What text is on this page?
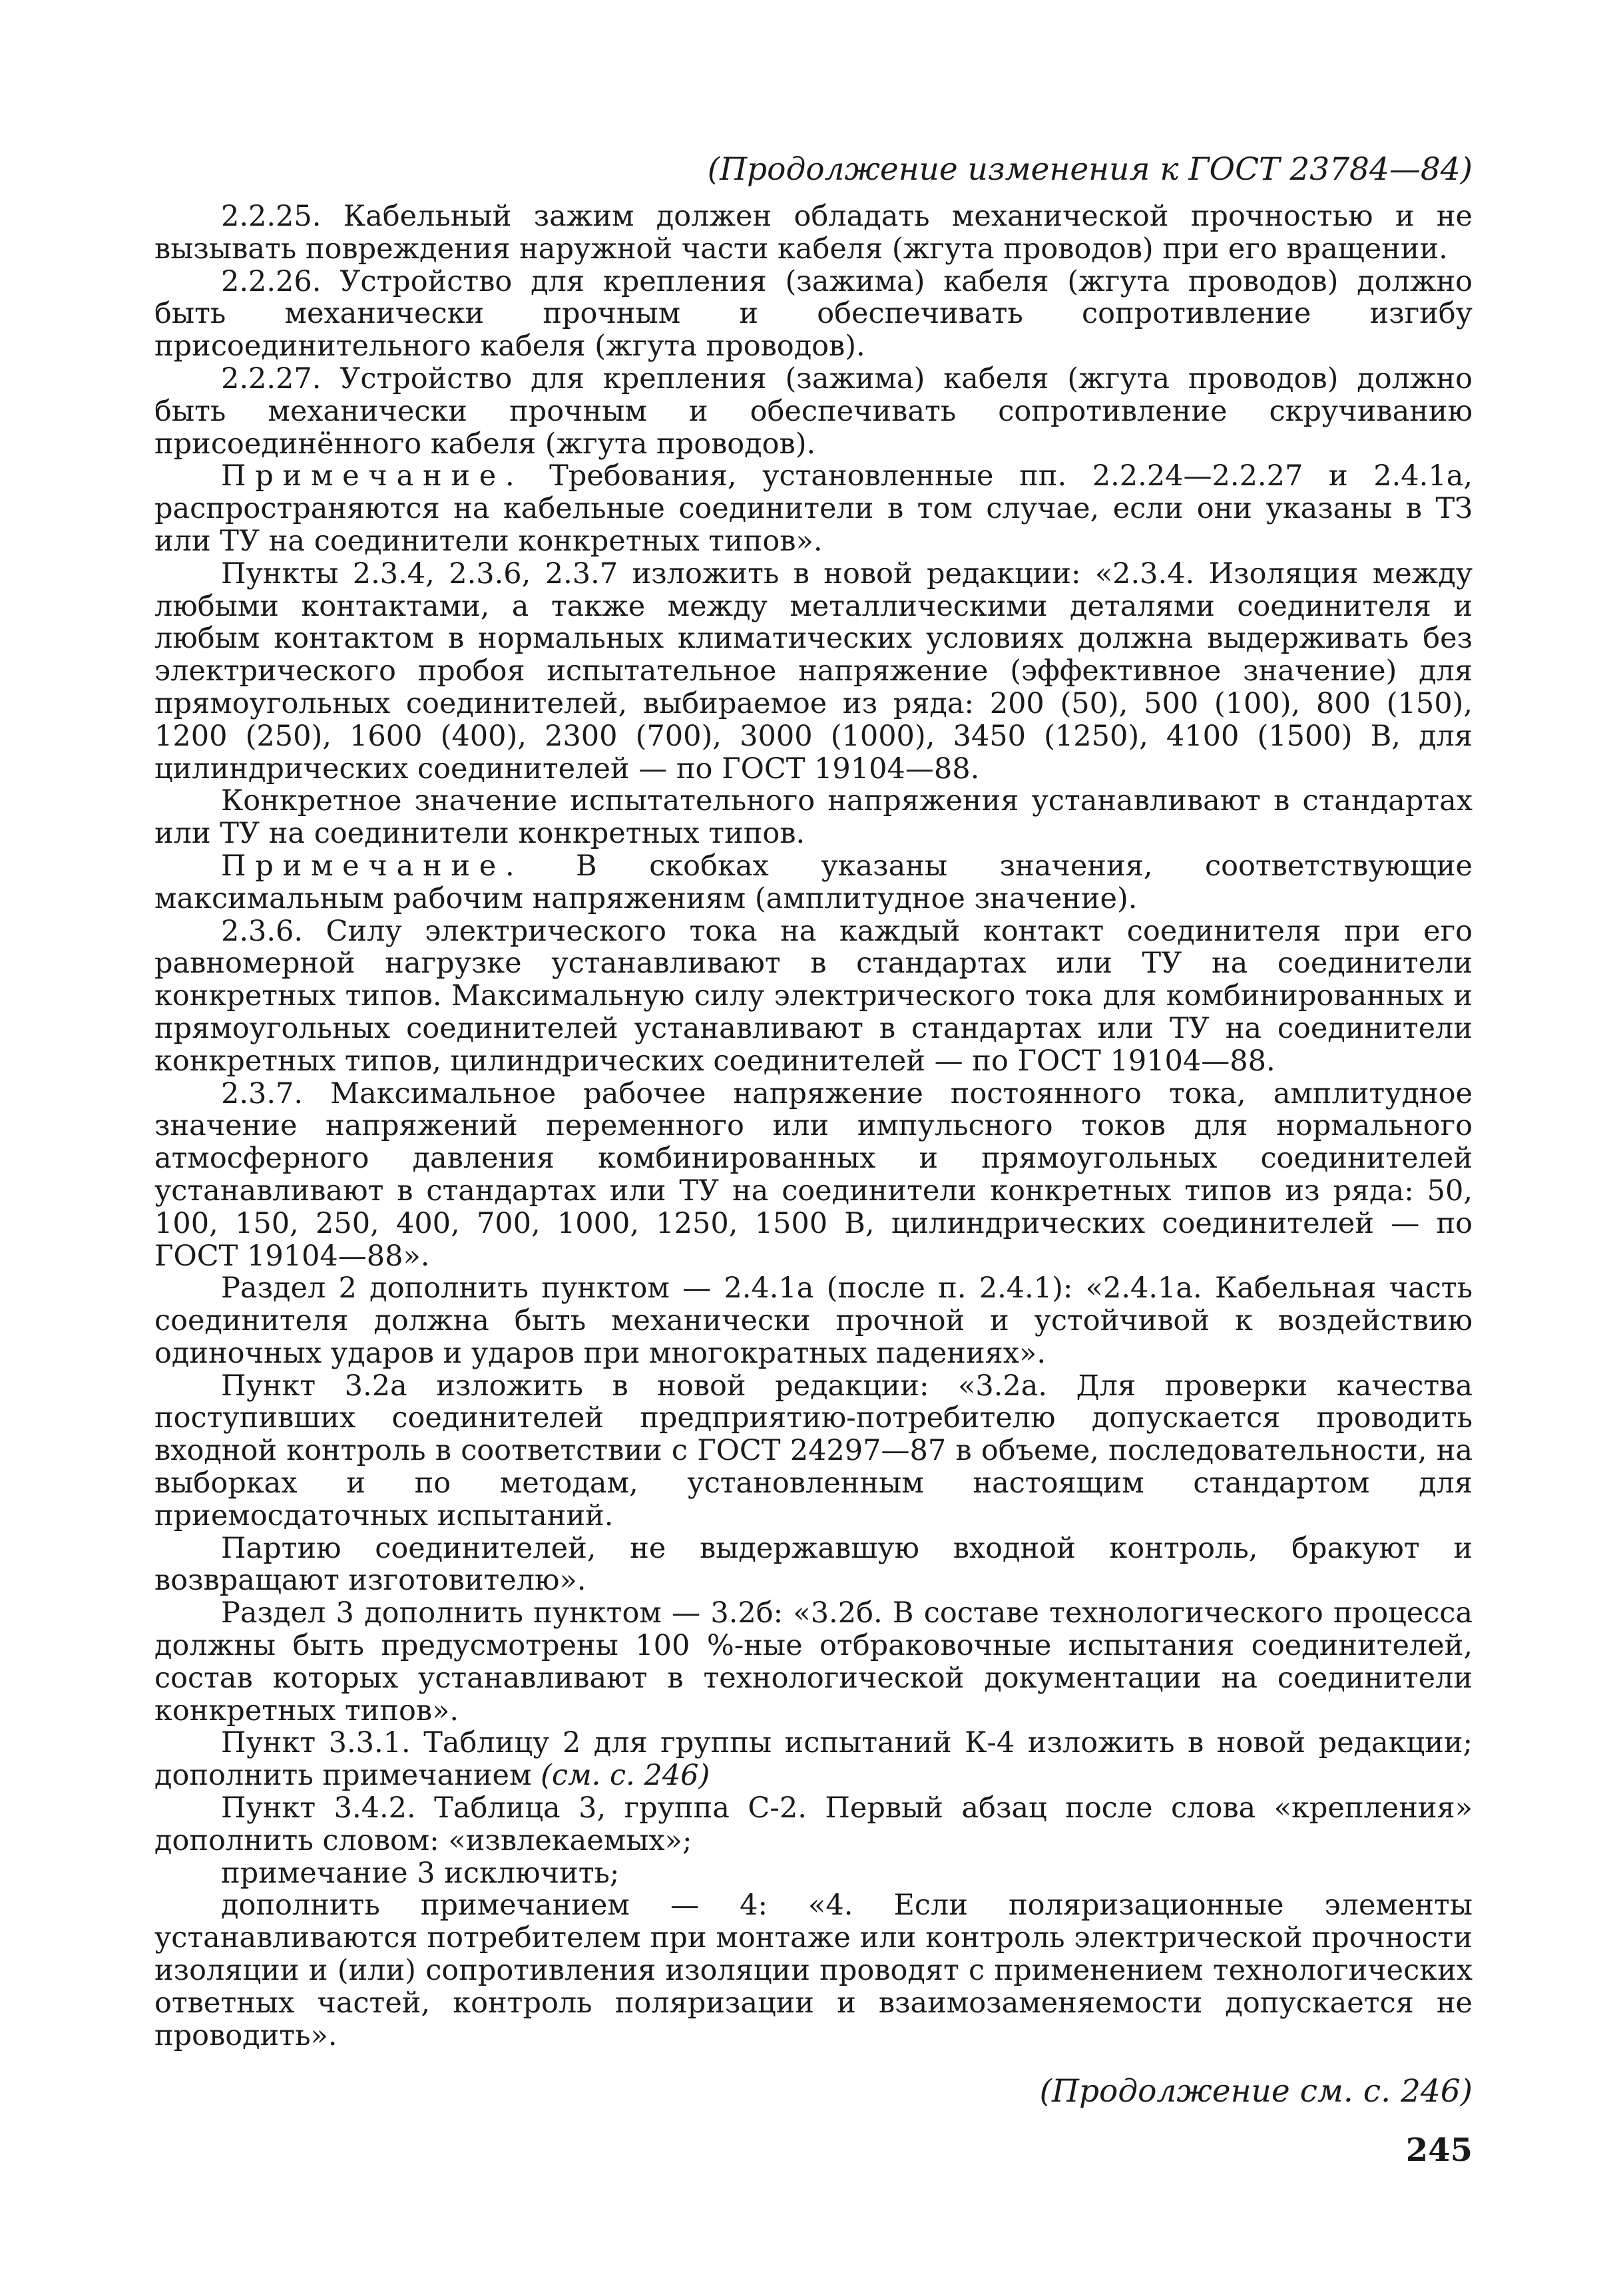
(Продолжение изменения к ГОСТ 23784—84)

2.2.25. Кабельный зажим должен обладать механической прочностью и не вызывать повреждения наружной части кабеля (жгута проводов) при его вращении.

2.2.26. Устройство для крепления (зажима) кабеля (жгута проводов) должно быть механически прочным и обеспечивать сопротивление изгибу присоединительного кабеля (жгута проводов).

2.2.27. Устройство для крепления (зажима) кабеля (жгута проводов) должно быть механически прочным и обеспечивать сопротивление скручиванию присоединённого кабеля (жгута проводов).

Примечание. Требования, установленные пп. 2.2.24—2.2.27 и 2.4.1а, распространяются на кабельные соединители в том случае, если они указаны в ТЗ или ТУ на соединители конкретных типов».

Пункты 2.3.4, 2.3.6, 2.3.7 изложить в новой редакции: «2.3.4. Изоляция между любыми контактами, а также между металлическими деталями соединителя и любым контактом в нормальных климатических условиях должна выдерживать без электрического пробоя испытательное напряжение (эффективное значение) для прямоугольных соединителей, выбираемое из ряда: 200 (50), 500 (100), 800 (150), 1200 (250), 1600 (400), 2300 (700), 3000 (1000), 3450 (1250), 4100 (1500) В, для цилиндрических соединителей — по ГОСТ 19104—88.

Конкретное значение испытательного напряжения устанавливают в стандартах или ТУ на соединители конкретных типов.

Примечание. В скобках указаны значения, соответствующие максимальным рабочим напряжениям (амплитудное значение).

2.3.6. Силу электрического тока на каждый контакт соединителя при его равномерной нагрузке устанавливают в стандартах или ТУ на соединители конкретных типов. Максимальную силу электрического тока для комбинированных и прямоугольных соединителей устанавливают в стандартах или ТУ на соединители конкретных типов, цилиндрических соединителей — по ГОСТ 19104—88.

2.3.7. Максимальное рабочее напряжение постоянного тока, амплитудное значение напряжений переменного или импульсного токов для нормального атмосферного давления комбинированных и прямоугольных соединителей устанавливают в стандартах или ТУ на соединители конкретных типов из ряда: 50, 100, 150, 250, 400, 700, 1000, 1250, 1500 В, цилиндрических соединителей — по ГОСТ 19104—88».

Раздел 2 дополнить пунктом — 2.4.1а (после п. 2.4.1): «2.4.1а. Кабельная часть соединителя должна быть механически прочной и устойчивой к воздействию одиночных ударов и ударов при многократных падениях».

Пункт 3.2а изложить в новой редакции: «3.2а. Для проверки качества поступивших соединителей предприятию-потребителю допускается проводить входной контроль в соответствии с ГОСТ 24297—87 в объеме, последовательности, на выборках и по методам, установленным настоящим стандартом для приемосдаточных испытаний.

Партию соединителей, не выдержавшую входной контроль, бракуют и возвращают изготовителю».

Раздел 3 дополнить пунктом — 3.2б: «3.2б. В составе технологического процесса должны быть предусмотрены 100 %-ные отбраковочные испытания соединителей, состав которых устанавливают в технологической документации на соединители конкретных типов».

Пункт 3.3.1. Таблицу 2 для группы испытаний К-4 изложить в новой редакции; дополнить примечанием (см. с. 246)

Пункт 3.4.2. Таблица 3, группа С-2. Первый абзац после слова «крепления» дополнить словом: «извлекаемых»;

примечание 3 исключить;

дополнить примечанием — 4: «4. Если поляризационные элементы устанавливаются потребителем при монтаже или контроль электрической прочности изоляции и (или) сопротивления изоляции проводят с применением технологических ответных частей, контроль поляризации и взаимозаменяемости допускается не проводить».

(Продолжение см. с. 246)
245
